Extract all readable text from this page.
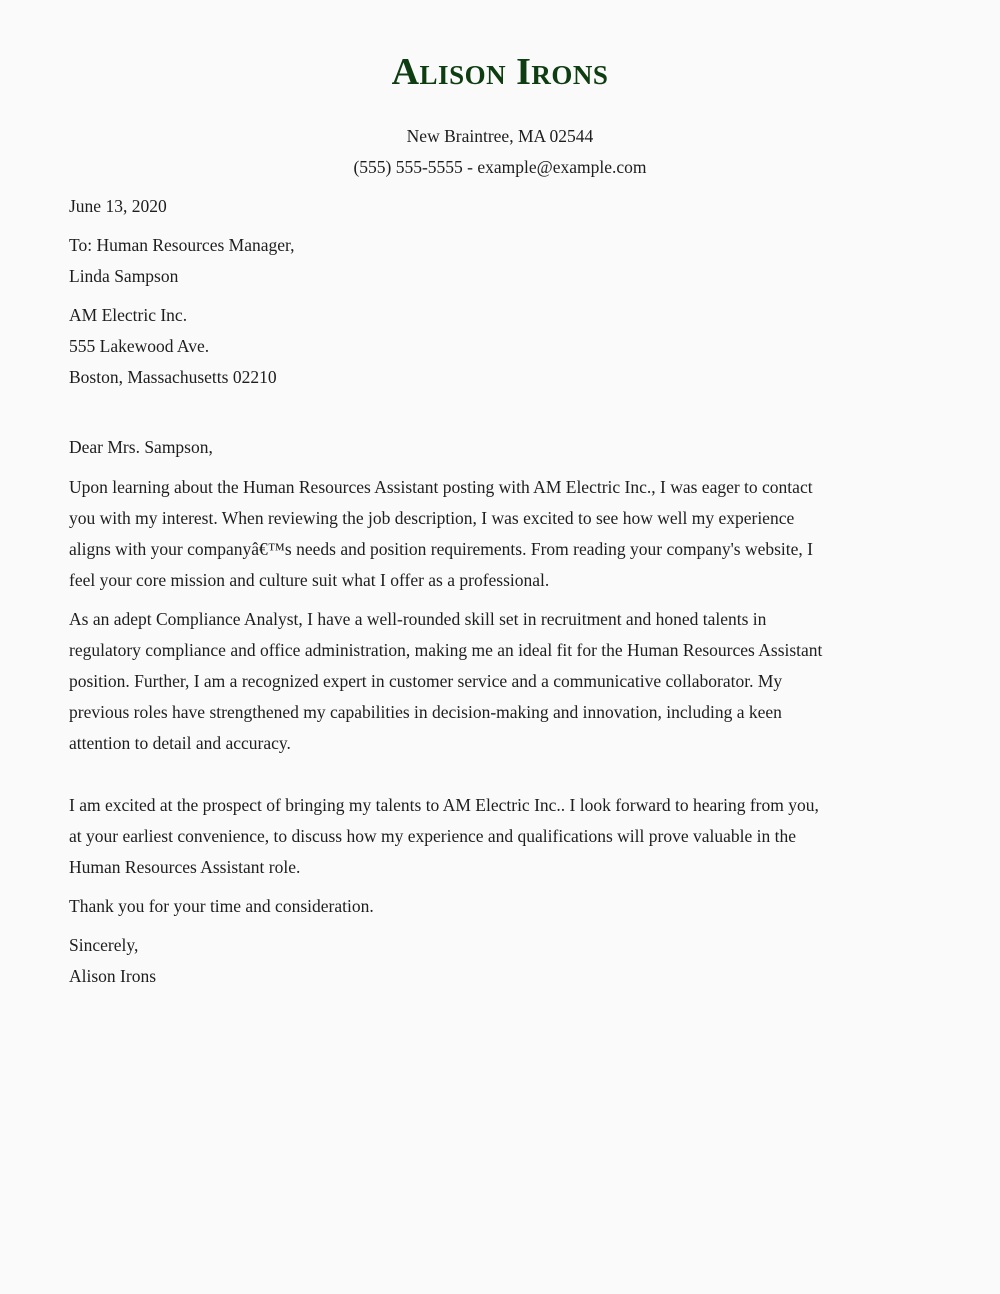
Alison Irons
New Braintree, MA 02544
(555) 555-5555 - example@example.com
June 13, 2020
To: Human Resources Manager,
Linda Sampson
AM Electric Inc.
555 Lakewood Ave.
Boston, Massachusetts 02210
Dear Mrs. Sampson,
Upon learning about the Human Resources Assistant posting with AM Electric Inc., I was eager to contact
you with my interest. When reviewing the job description, I was excited to see how well my experience
aligns with your companyâ€™s needs and position requirements. From reading your company's website, I
feel your core mission and culture suit what I offer as a professional.
As an adept Compliance Analyst, I have a well-rounded skill set in recruitment and honed talents in
regulatory compliance and office administration, making me an ideal fit for the Human Resources Assistant
position. Further, I am a recognized expert in customer service and a communicative collaborator. My
previous roles have strengthened my capabilities in decision-making and innovation, including a keen
attention to detail and accuracy.
I am excited at the prospect of bringing my talents to AM Electric Inc.. I look forward to hearing from you,
at your earliest convenience, to discuss how my experience and qualifications will prove valuable in the
Human Resources Assistant role.
Thank you for your time and consideration.
Sincerely,
Alison Irons
